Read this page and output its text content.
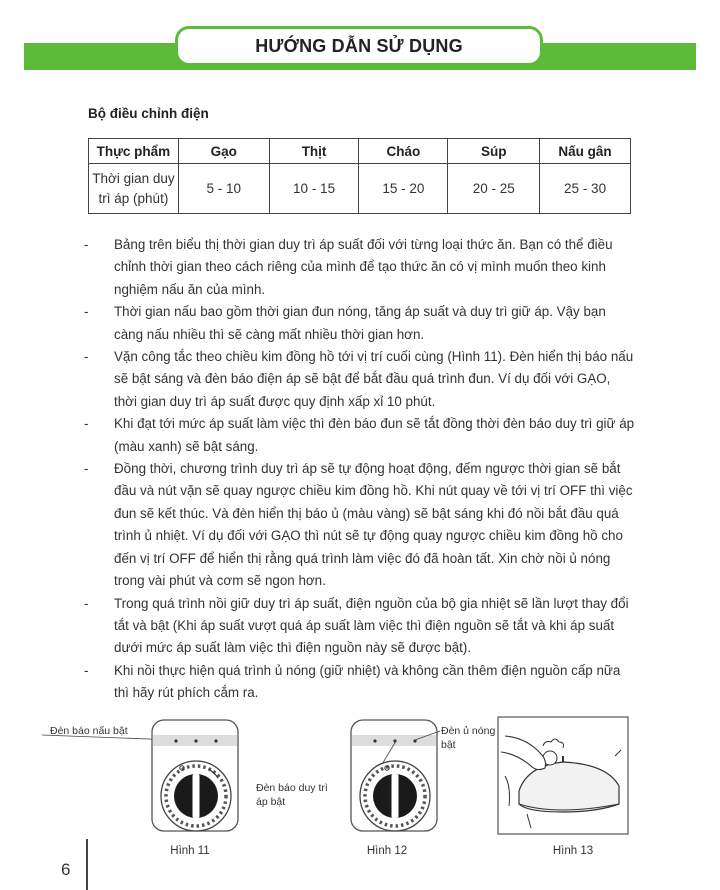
HƯỚNG DẪN SỬ DỤNG
Bộ điều chỉnh điện
Thực phẩm	Gạo	Thịt	Cháo	Súp	Nấu gân
Thời gian duy trì áp (phút)	5 - 10	10 - 15	15 - 20	20 - 25	25 - 30
- Bảng trên biểu thị thời gian duy trì áp suất đối với từng loại thức ăn. Bạn có thể điều chỉnh thời gian theo cách riêng của mình để tạo thức ăn có vị mình muốn theo kinh nghiệm nấu ăn của mình.
- Thời gian nấu bao gồm thời gian đun nóng, tăng áp suất và duy trì giữ áp. Vậy bạn càng nấu nhiều thì sẽ càng mất nhiều thời gian hơn.
- Vặn công tắc theo chiều kim đồng hồ tới vị trí cuối cùng (Hình 11). Đèn hiển thị báo nấu sẽ bật sáng và đèn báo điện áp sẽ bật để bắt đầu quá trình đun. Ví dụ đối với GẠO, thời gian duy trì áp suất được quy định xấp xỉ 10 phút.
- Khi đạt tới mức áp suất làm việc thì đèn báo đun sẽ tắt đồng thời đèn báo duy trì giữ áp (màu xanh) sẽ bật sáng.
- Đồng thời, chương trình duy trì áp sẽ tự động hoạt động, đếm ngược thời gian sẽ bắt đầu và nút vặn sẽ quay ngược chiều kim đồng hồ. Khi nút quay về tới vị trí OFF thì việc đun sẽ kết thúc. Và đèn hiển thị báo ủ (màu vàng) sẽ bật sáng khi đó nồi bắt đầu quá trình ủ nhiệt. Ví dụ đối với GẠO thì nút sẽ tự động quay ngược chiều kim đồng hồ cho đến vị trí OFF để hiển thị rằng quá trình làm việc đó đã hoàn tất. Xin chờ nồi ủ nóng trong vài phút và cơm sẽ ngon hơn.
- Trong quá trình nồi giữ duy trì áp suất, điện nguồn của bộ gia nhiệt sẽ lần lượt thay đổi tắt và bật (Khi áp suất vượt quá áp suất làm việc thì điện nguồn sẽ tắt và khi áp suất dưới mức áp suất làm việc thì điện nguồn này sẽ được bật).
- Khi nồi thực hiện quá trình ủ nóng (giữ nhiệt) và không cần thêm điện nguồn cấp nữa thì hãy rút phích cắm ra.
Đèn báo nấu bật
Hình 11
Đèn báo duy trì áp bật
Đèn ủ nóng bật
Hình 12	Hình 13
6
